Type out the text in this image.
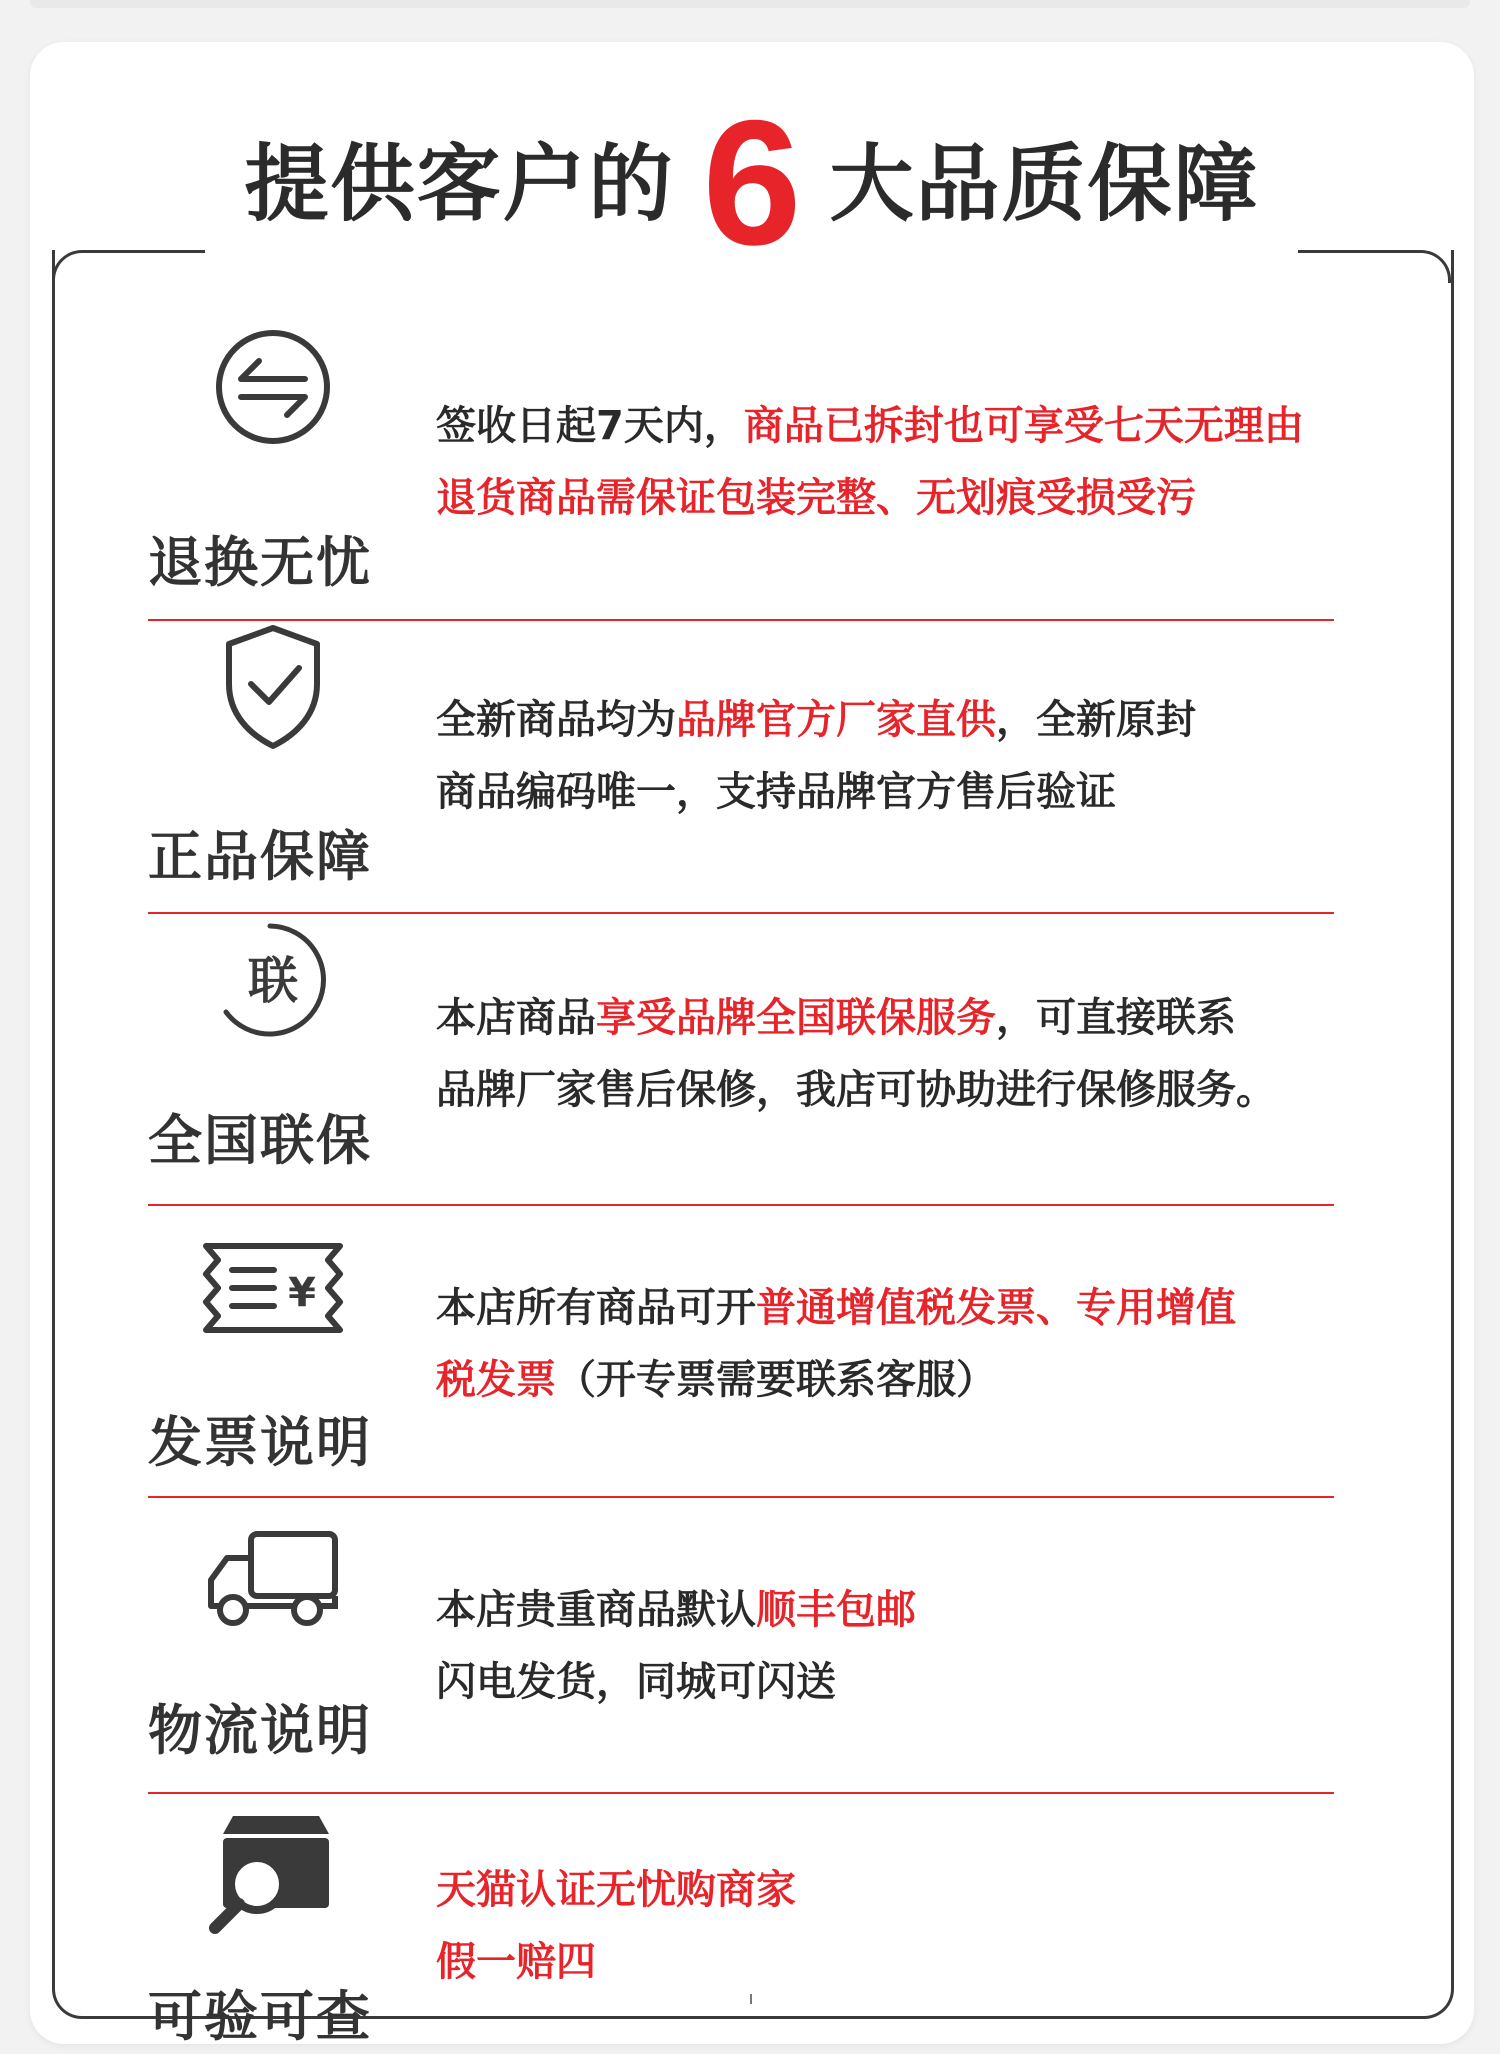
提供客户的 6 大品质保障
退换无忧
签收日起7天内，商品已拆封也可享受七天无理由
退货商品需保证包装完整、无划痕受损受污
正品保障
全新商品均为品牌官方厂家直供，全新原封
商品编码唯一，支持品牌官方售后验证
联
全国联保
本店商品享受品牌全国联保服务，可直接联系
品牌厂家售后保修，我店可协助进行保修服务。
¥
发票说明
本店所有商品可开普通增值税发票、专用增值
税发票（开专票需要联系客服）
物流说明
本店贵重商品默认顺丰包邮
闪电发货，同城可闪送
可验可查
天猫认证无忧购商家
假一赔四
